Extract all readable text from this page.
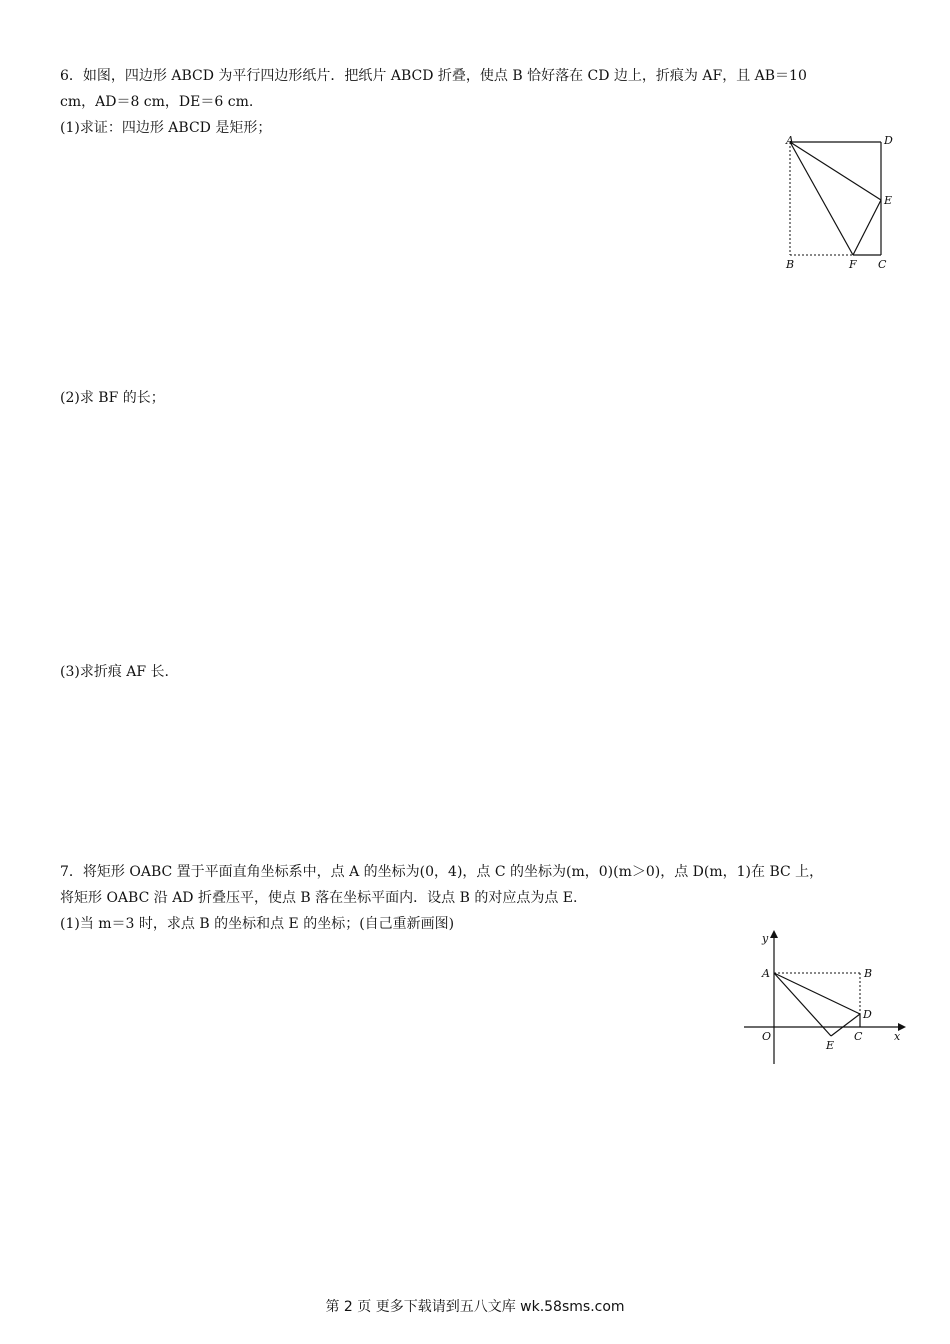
6．如图，四边形 ABCD 为平行四边形纸片．把纸片 ABCD 折叠，使点 B 恰好落在 CD 边上，折痕为 AF，且 AB＝10
cm，AD＝8 cm，DE＝6 cm.
(1)求证：四边形 ABCD 是矩形；
A	D
E
B	F C
(2)求 BF 的长；
(3)求折痕 AF 长.
7．将矩形 OABC 置于平面直角坐标系中，点 A 的坐标为(0，4)，点 C 的坐标为(m，0)(m＞0)，点 D(m，1)在 BC 上，
将矩形 OABC 沿 AD 折叠压平，使点 B 落在坐标平面内．设点 B 的对应点为点 E.
(1)当 m＝3 时，求点 B 的坐标和点 E 的坐标；(自己重新画图)
y
x
O
A	B
D
C
E
第 2 页 更多下载请到五八文库 wk.58sms.com
